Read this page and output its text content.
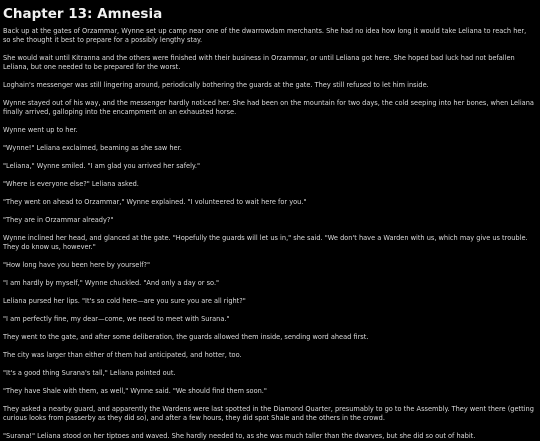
Chapter 13: Amnesia

Back up at the gates of Orzammar, Wynne set up camp near one of the dwarrowdam merchants. She had no idea how long it would take Leliana to reach her, so she thought it best to prepare for a possibly lengthy stay.

She would wait until Kitranna and the others were finished with their business in Orzammar, or until Leliana got here. She hoped bad luck had not befallen Leliana, but one needed to be prepared for the worst.

Loghain's messenger was still lingering around, periodically bothering the guards at the gate. They still refused to let him inside.

Wynne stayed out of his way, and the messenger hardly noticed her. She had been on the mountain for two days, the cold seeping into her bones, when Leliana finally arrived, galloping into the encampment on an exhausted horse.

Wynne went up to her.

"Wynne!" Leliana exclaimed, beaming as she saw her.

"Leliana," Wynne smiled. "I am glad you arrived her safely."

"Where is everyone else?" Leliana asked.

"They went on ahead to Orzammar," Wynne explained. "I volunteered to wait here for you."

"They are in Orzammar already?"

Wynne inclined her head, and glanced at the gate. "Hopefully the guards will let us in," she said. "We don't have a Warden with us, which may give us trouble. They do know us, however."

"How long have you been here by yourself?"

"I am hardly by myself," Wynne chuckled. "And only a day or so."

Leliana pursed her lips. "It's so cold here—are you sure you are all right?"

"I am perfectly fine, my dear—come, we need to meet with Surana."

They went to the gate, and after some deliberation, the guards allowed them inside, sending word ahead first.

The city was larger than either of them had anticipated, and hotter, too.

"It's a good thing Surana's tall," Leliana pointed out.

"They have Shale with them, as well," Wynne said. "We should find them soon."

They asked a nearby guard, and apparently the Wardens were last spotted in the Diamond Quarter, presumably to go to the Assembly. They went there (getting curious looks from passerby as they did so), and after a few hours, they did spot Shale and the others in the crowd.

"Surana!" Leliana stood on her tiptoes and waved. She hardly needed to, as she was much taller than the dwarves, but she did so out of habit.
